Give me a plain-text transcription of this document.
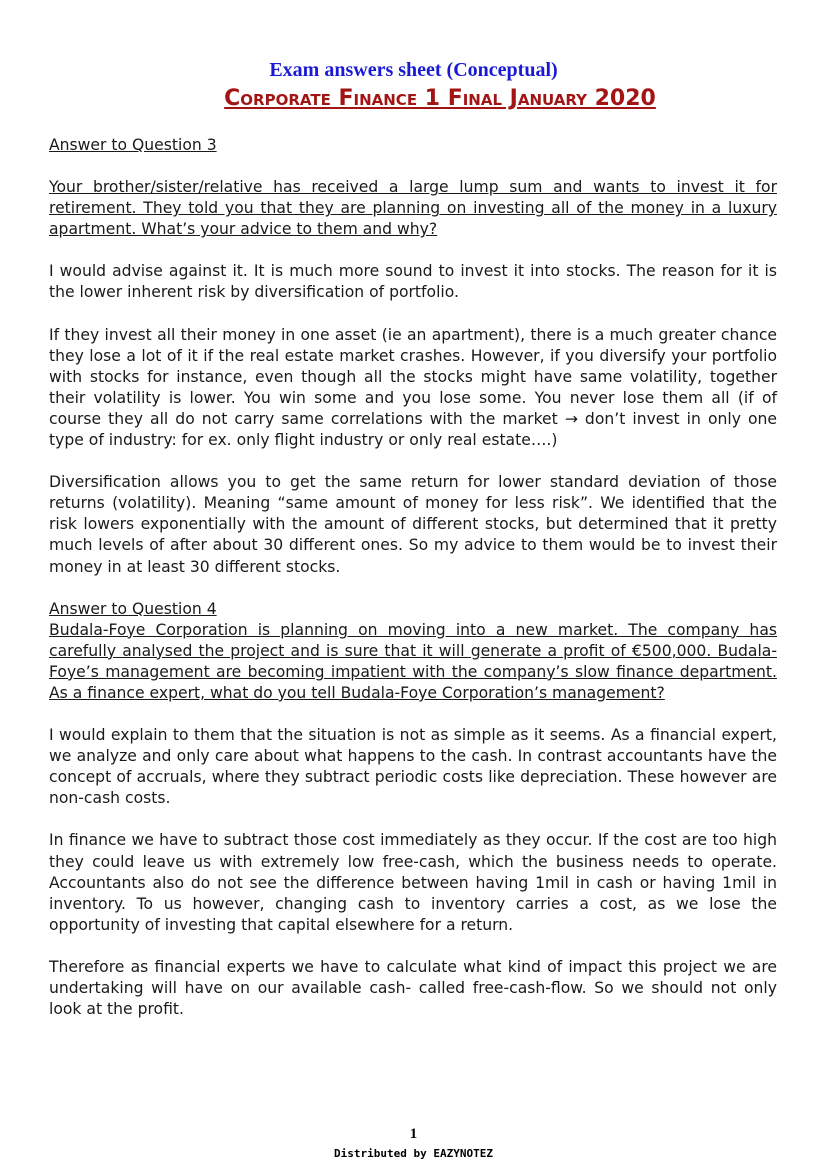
Exam answers sheet (Conceptual)
Corporate Finance 1 Final January 2020

Answer to Question 3

Your brother/sister/relative has received a large lump sum and wants to invest it for retirement. They told you that they are planning on investing all of the money in a luxury apartment. What’s your advice to them and why?

I would advise against it. It is much more sound to invest it into stocks. The reason for it is the lower inherent risk by diversification of portfolio.

If they invest all their money in one asset (ie an apartment), there is a much greater chance they lose a lot of it if the real estate market crashes. However, if you diversify your portfolio with stocks for instance, even though all the stocks might have same volatility, together their volatility is lower. You win some and you lose some. You never lose them all (if of course they all do not carry same correlations with the market → don’t invest in only one type of industry: for ex. only flight industry or only real estate….)

Diversification allows you to get the same return for lower standard deviation of those returns (volatility). Meaning “same amount of money for less risk”. We identified that the risk lowers exponentially with the amount of different stocks, but determined that it pretty much levels of after about 30 different ones. So my advice to them would be to invest their money in at least 30 different stocks.

Answer to Question 4

Budala-Foye Corporation is planning on moving into a new market. The company has carefully analysed the project and is sure that it will generate a profit of €500,000. Budala-Foye’s management are becoming impatient with the company’s slow finance department. As a finance expert, what do you tell Budala-Foye Corporation’s management?

I would explain to them that the situation is not as simple as it seems. As a financial expert, we analyze and only care about what happens to the cash. In contrast accountants have the concept of accruals, where they subtract periodic costs like depreciation. These however are non-cash costs.

In finance we have to subtract those cost immediately as they occur. If the cost are too high they could leave us with extremely low free-cash, which the business needs to operate. Accountants also do not see the difference between having 1mil in cash or having 1mil in inventory. To us however, changing cash to inventory carries a cost, as we lose the opportunity of investing that capital elsewhere for a return.

Therefore as financial experts we have to calculate what kind of impact this project we are undertaking will have on our available cash- called free-cash-flow. So we should not only look at the profit.

1
Distributed by EAZYNOTEZ
